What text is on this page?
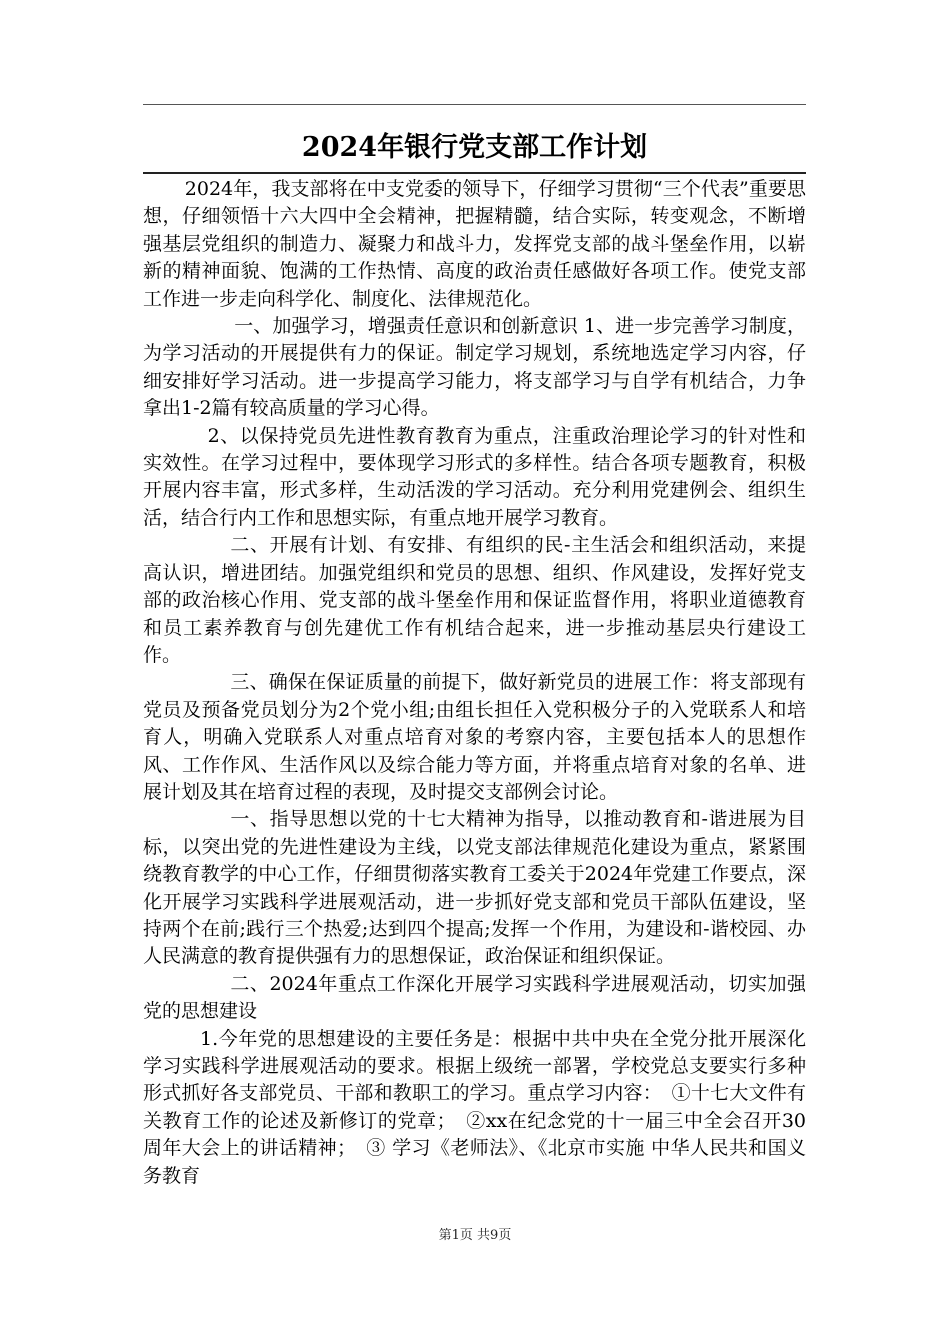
2024年银行党支部工作计划

2024年，我支部将在中支党委的领导下，仔细学习贯彻“三个代表”重要思想，仔细领悟十六大四中全会精神，把握精髓，结合实际，转变观念，不断增强基层党组织的制造力、凝聚力和战斗力，发挥党支部的战斗堡垒作用，以崭新的精神面貌、饱满的工作热情、高度的政治责任感做好各项工作。使党支部工作进一步走向科学化、制度化、法律规范化。

一、加强学习，增强责任意识和创新意识 1、进一步完善学习制度，为学习活动的开展提供有力的保证。制定学习规划，系统地选定学习内容，仔细安排好学习活动。进一步提高学习能力，将支部学习与自学有机结合，力争拿出1-2篇有较高质量的学习心得。

2、以保持党员先进性教育教育为重点，注重政治理论学习的针对性和实效性。在学习过程中，要体现学习形式的多样性。结合各项专题教育，积极开展内容丰富，形式多样，生动活泼的学习活动。充分利用党建例会、组织生活，结合行内工作和思想实际，有重点地开展学习教育。

二、开展有计划、有安排、有组织的民-主生活会和组织活动，来提高认识，增进团结。加强党组织和党员的思想、组织、作风建设，发挥好党支部的政治核心作用、党支部的战斗堡垒作用和保证监督作用，将职业道德教育和员工素养教育与创先建优工作有机结合起来，进一步推动基层央行建设工作。

三、确保在保证质量的前提下，做好新党员的进展工作：将支部现有党员及预备党员划分为2个党小组;由组长担任入党积极分子的入党联系人和培育人，明确入党联系人对重点培育对象的考察内容，主要包括本人的思想作风、工作作风、生活作风以及综合能力等方面，并将重点培育对象的名单、进展计划及其在培育过程的表现，及时提交支部例会讨论。

一、指导思想以党的十七大精神为指导，以推动教育和-谐进展为目标，以突出党的先进性建设为主线，以党支部法律规范化建设为重点，紧紧围绕教育教学的中心工作，仔细贯彻落实教育工委关于2024年党建工作要点，深化开展学习实践科学进展观活动，进一步抓好党支部和党员干部队伍建设，坚持两个在前;践行三个热爱;达到四个提高;发挥一个作用，为建设和-谐校园、办人民满意的教育提供强有力的思想保证，政治保证和组织保证。

二、2024年重点工作深化开展学习实践科学进展观活动，切实加强党的思想建设

1.今年党的思想建设的主要任务是：根据中共中央在全党分批开展深化学习实践科学进展观活动的要求。根据上级统一部署，学校党总支要实行多种形式抓好各支部党员、干部和教职工的学习。重点学习内容：　①十七大文件有关教育工作的论述及新修订的党章；　②xx在纪念党的十一届三中全会召开30周年大会上的讲话精神；　③ 学习《老师法》、《北京市实施 中华人民共和国义务教育

第1页 共9页
